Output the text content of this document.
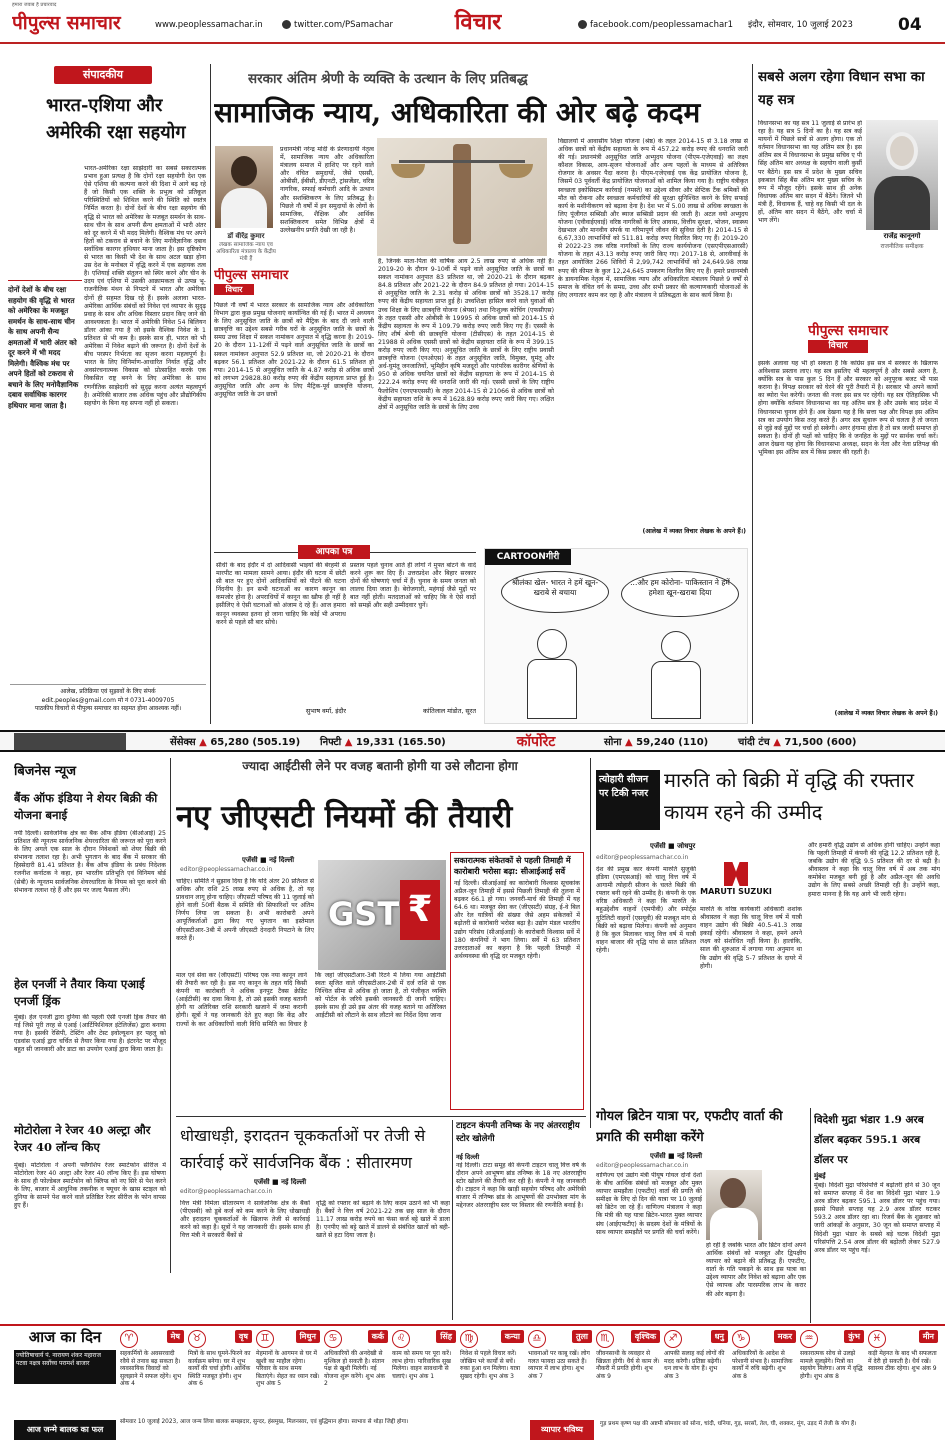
हमारा जवाब है प्रचारवाद
पीपुल्स समाचार	www.peoplessamachar.in	twitter.com/PSamachar	विचार	facebook.com/peoplessamachar1	इंदौर, सोमवार, 10 जुलाई 2023	04
संपादकीय
भारत-एशिया और अमेरिकी रक्षा सहयोग
भारत-अमेरिका रक्षा साझेदारी का सबसे सकारात्मक प्रभाव हुआ प्रत्यक्ष है कि दोनों रक्षा सहयोगी देश एक ऐसे एशिया की कल्पना करने की दिशा में आगे बढ़ रहे हैं जो किसी एक शक्ति के प्रभुत्व को प्रतिकूल परिस्थितियों को शिथिल करने की स्थिति को स्वतंत्र निर्मित करता है। दोनों देशों के बीच रक्षा सहयोग की वृद्धि से भारत को अमेरिका के मजबूत समर्थन के साथ-साथ चीन के साथ अपनी सैन्य क्षमताओं में भारी अंतर को दूर करने में भी मदद मिलेगी। वैश्विक मंच पर अपने हितों को टकराव से बचाने के लिए मनोवैज्ञानिक दबाव सर्वाधिक कारगर हथियार माना जाता है। इस दृष्टिकोण से भारत का किसी भी देश के साथ अटल खड़ा होना उस देश के मनोबल में वृद्धि करने में एक सहायक तत्व है। एशियाई शक्ति संतुलन को स्थिर करने और चीन के उदय एवं एशिया में उसकी आक्रामकता से उत्पन्न भू-राजनीतिक मंथन से निपटने में भारत और अमेरिका दोनों ही सहमत दिख रहे हैं। इसके अलावा भारत-अमेरिका आर्थिक संबंधों को निवेश एवं व्यापार के सुदृढ़ प्रवाह के साथ और अधिक विस्तार प्रदान किए जाने की आवश्यकता है। भारत में अमेरिकी निवेश 54 बिलियन डॉलर आंका गया है जो इसके वैश्विक निवेश के 1 प्रतिशत से भी कम है। इसके साथ ही, भारत को भी अमेरिका में निवेश बढ़ाने की जरूरत है। दोनों देशों के बीच परस्पर निर्भरता का सृजन करना महत्वपूर्ण है। भारत के लिए विनिर्माण-आधारित निर्यात वृद्धि और अवसंरचनात्मक विकास को प्रोत्साहित करके एक विकसित राष्ट्र बनने के लिए अमेरिका के साथ रणनीतिक साझेदारी को सुदृढ़ करना अत्यंत महत्वपूर्ण है। अमेरिकी बाजार तक अधिक पहुंच और प्रौद्योगिकीय सहयोग के बिना यह सपना नहीं हो सकता।
दोनों देशों के बीच रक्षा सहयोग की वृद्धि से भारत को अमेरिका के मजबूत समर्थन के साथ-साथ चीन के साथ अपनी सैन्य क्षमताओं में भारी अंतर को दूर करने में भी मदद मिलेगी। वैश्विक मंच पर अपने हितों को टकराव से बचाने के लिए मनोवैज्ञानिक दबाव सर्वाधिक कारगर हथियार माना जाता है।
आलेख, प्रतिक्रिया एवं सुझावों के लिए संपर्क
edit.peoples@gmail.com मो नं 0731-4009705
पाठकीय विचारों से पीपुल्स समाचार का सहमत होना आवश्यक नहीं।
सरकार अंतिम श्रेणी के व्यक्ति के उत्थान के लिए प्रतिबद्ध
सामाजिक न्याय, अधिकारिता की ओर बढ़े कदम
डॉ वीरेंद्र कुमार
लेखक सामाजिक न्याय एवं अधिकारिता मंत्रालय के केंद्रीय मंत्री हैं
प्रधानमंत्री नरेन्द्र मोदी के प्रेरणादायी नेतृत्व में, सामाजिक न्याय और अधिकारिता मंत्रालय समाज में हाशिए पर रहने वाले और वंचित समुदायों, जैसे एससी, ओबीसी, ईबीसी, डीएनटी, ट्रांसजेंडर, वरिष्ठ नागरिक, सफाई कर्मचारी आदि के उत्थान और सशक्तिकरण के लिए प्रतिबद्ध है। पिछले नौ वर्षों में इन समुदायों के लोगों के सामाजिक, शैक्षिक और आर्थिक सशक्तिकरण समेत विभिन्न क्षेत्रों में उल्लेखनीय प्रगति देखी जा रही है।
पीपुल्स समाचार
विचार
पिछले नौ वर्षों में भारत सरकार के सामाजिक न्याय और अधिकारिता विभाग द्वारा कुछ प्रमुख योजनाएं कार्यान्वित की गई हैं। भारत में अध्ययन के लिए अनुसूचित जाति के छात्रों को मैट्रिक के बाद दी जाने वाली छात्रवृत्ति का उद्देश्य सबसे गरीब घरों के अनुसूचित जाति के छात्रों के समग्र उच्च शिक्षा में सकल नामांकन अनुपात में वृद्धि करना है। 2019-20 के दौरान 11-12वीं में पढ़ने वाले अनुसूचित जाति के छात्रों का सकल नामांकन अनुपात 52.9 प्रतिशत था, जो 2020-21 के दौरान बढ़कर 56.1 प्रतिशत और 2021-22 के दौरान 61.5 प्रतिशत हो गया। 2014-15 से अनुसूचित जाति के 4.87 करोड़ से अधिक छात्रों को लगभग 29828.80 करोड़ रुपए की केंद्रीय सहायता प्राप्त हुई है। अनुसूचित जाति और अन्य के लिए मैट्रिक-पूर्व छात्रवृत्ति योजना, अनुसूचित जाति के उन छात्रों
है, जिनके माता-पिता की वार्षिक आय 2.5 लाख रुपए से अधिक नहीं है। 2019-20 के दौरान 9-10वीं में पढ़ने वाले अनुसूचित जाति के छात्रों का सकल नामांकन अनुपात 83 प्रतिशत था, जो 2020-21 के दौरान बढ़कर 84.8 प्रतिशत और 2021-22 के दौरान 84.9 प्रतिशत हो गया। 2014-15 से अनुसूचित जाति के 2.31 करोड़ से अधिक छात्रों को 3528.17 करोड़ रुपए की केंद्रीय सहायता प्राप्त हुई है। उच्चशिक्षा हासिल करने वाले युवाओं की उच्च शिक्षा के लिए छात्रवृत्ति योजना (श्रेयस) तथा निःशुल्क कोचिंग (एफसीएस) के तहत एससी और ओबीसी के 19995 से अधिक छात्रों को 2014-15 से केंद्रीय सहायता के रूप में 109.79 करोड़ रुपए जारी किए गए हैं। एससी के लिए शीर्ष श्रेणी की छात्रवृत्ति योजना (टीसीएस) के तहत 2014-15 से 21988 से अधिक एससी छात्रों को केंद्रीय सहायता राशि के रूप में 399.15 करोड़ रुपए जारी किए गए। अनुसूचित जाति के छात्रों के लिए राष्ट्रीय प्रवासी छात्रवृत्ति योजना (एनओएस) के तहत अनुसूचित जाति, विमुक्त, घुमंतू और अर्ध-घुमंतू जनजातियों, भूमिहीन कृषि मजदूरों और पारंपरिक कारीगर श्रेणियों के 950 से अधिक चयनित छात्रों को केंद्रीय सहायता के रूप में 2014-15 से 222.24 करोड़ रुपए की धनराशि जारी की गई। एससी छात्रों के लिए राष्ट्रीय फैलोशिप (एनएफएससी) के तहत 2014-15 से 21066 से अधिक छात्रों को केंद्रीय सहायता राशि के रूप में 1628.89 करोड़ रुपए जारी किए गए। लक्षित क्षेत्रों में अनुसूचित जाति के छात्रों के लिए उच्च
विद्यालयों में आवासीय शिक्षा योजना (श्रेष्ठ) के तहत 2014-15 से 3.18 लाख से अधिक छात्रों को केंद्रीय सहायता के रूप में 457.22 करोड़ रुपए की धनराशि जारी की गई। प्रधानमंत्री अनुसूचित जाति अभ्युदय योजना (पीएम-एजेएवाई) का लक्ष्य कौशल विकास, आय-सृजन योजनाओं और अन्य पहलों के माध्यम से अतिरिक्त रोजगार के अवसर पैदा करना है। पीएम-एजेएवाई एक केंद्र प्रायोजित योजना है, जिसमें 03 पूर्ववर्ती केंद्र प्रायोजित योजनाओं को शामिल किया गया है। राष्ट्रीय यंत्रीकृत स्वच्छता इकोसिस्टम कार्रवाई (नमस्ते) का उद्देश्य सीवर और सेप्टिक टैंक श्रमिकों की मौत को रोकना और स्वच्छता कर्मचारियों की सुरक्षा सुनिश्चित करने के लिए सफाई कार्य के मशीनीकरण को बढ़ावा देना है। देश भर में 5.00 लाख से अधिक स्वच्छता के लिए पूंजीगत सब्सिडी और ब्याज सब्सिडी प्रदान की जाती है। अटल वयो अभ्युदय योजना (एवीवाईएवाई) वरिष्ठ नागरिकों के लिए आवास, वित्तीय सुरक्षा, भोजन, स्वास्थ्य देखभाल और मानवीय संपर्क या गरिमापूर्ण जीवन की सुविधा देती है। 2014-15 से 6,67,330 लाभार्थियों को 511.81 करोड़ रुपए वितरित किए गए हैं। 2019-20 से 2022-23 तक वरिष्ठ नागरिकों के लिए राज्य कार्ययोजना (एसएपीएसआरसी) योजना के तहत 43.13 करोड़ रुपए जारी किए गए। 2017-18 से, आरवीवाई के तहत आयोजित 266 शिविरों में 2,99,742 लाभार्थियों को 24,649.98 लाख रुपए की कीमत के कुल 12,24,645 उपकरण वितरित किए गए हैं। हमारे प्रधानमंत्री के डायनामिक नेतृत्व में, सामाजिक न्याय और अधिकारिता मंत्रालय पिछले 9 वर्षों से समाज के वंचित वर्ग के समग्र, उच्च और सभी प्रकार की कल्याणकारी योजनाओं के लिए लगातार काम कर रहा है और मंत्रालय ने प्रतिबद्धता के साथ कार्य किया है।
(आलेख में व्यक्त विचार लेखक के अपने हैं।)
आपका पत्र
सीधी के बाद इंदौर में दो आदिवासी भाइयों की बेरहमी से मारपीट का मामला सामने आया। इंदौर की घटना में छोटी सी बात पर हुए दोनों आदिवासियों को पीटने की घटना निंदनीय है। इन सभी घटनाओं का कारण कानून का कमजोर होना है। अपराधियों में कानून का खौफ ही नहीं है इसीलिए वे ऐसी घटनाओं को अंजाम दे रहे हैं। आज हमारा कानून व्यवस्था इतना हो जाना चाहिए कि कोई भी अपराध करने से पहले सौ बार सोचे।
सुभाष वर्मा, इंदौर
प्रस्ताव पहले चुनाव आते ही लोगों ने मुफ्त बांटने के वादे करने शुरू कर दिए हैं। उत्तरप्रदेश और बिहार सरकार दोनों की घोषणाएं चर्चा में हैं। चुनाव के समय जनता को लालच दिया जाता है। बेरोजगारी, महंगाई जैसे मुद्दों पर बात नहीं होती। मतदाताओं को चाहिए कि वे ऐसे वादों को समझें और सही उम्मीदवार चुनें।
कांतिलाल मांडोत, सूरत
CARTOONगीरी
श्रीलंका खेल- भारत ने हमें खून-खराबे से बचाया
...और हम कोरोना- पाकिस्तान ने हमें हमेशा खून-खराबा दिया
सबसे अलग रहेगा विधान सभा का यह सत्र
विधानसभा का यह सत्र 11 जुलाई से प्रारंभ हो रहा है। यह सत्र 5 दिनों का है। यह सत्र कई मायनों में पिछले सत्रों से अलग होगा। एक तो वर्तमान विधानसभा का यह अंतिम सत्र है। इस अंतिम सत्र में विधानसभा के प्रमुख सचिव ए पी सिंह अंतिम बार अध्यक्ष के सहयोग वाली कुर्सी पर बैठेंगे। इस सत्र में प्रदेश के मुख्य सचिव इकबाल सिंह बैंस अंतिम बार मुख्य सचिव के रूप में मौजूद रहेंगे। इसके साथ ही अनेक विधायक अंतिम बार सदन में बैठेंगे। जितने भी मंत्री हैं, विधायक हैं, चाहे वह किसी भी दल के हों, अंतिम बार सदन में बैठेंगे, और चर्चा में भाग लेंगे।
राजेंद्र कानूनगो
राजनीतिक समीक्षक
पीपुल्स समाचार
विचार
इसके अलावा यह भी हो सकता है कि कांग्रेस इस सत्र में सरकार के खिलाफ अविश्वास प्रस्ताव लाए। यह सत्र इसलिए भी महत्वपूर्ण है और सबसे अलग है, क्योंकि सत्र के पास कुल 5 दिन हैं और सरकार को अनुपूरक बजट भी पास कराना है। विपक्ष सरकार को घेरने की पूरी तैयारी में है। सरकार भी अपने कार्यों का ब्योरा पेश करेगी। जनता की नजर इस सत्र पर रहेगी। यह सत्र ऐतिहासिक भी होगा क्योंकि वर्तमान विधानसभा का यह अंतिम सत्र है और उसके बाद प्रदेश में विधानसभा चुनाव होने हैं। अब देखना यह है कि सत्ता पक्ष और विपक्ष इस अंतिम सत्र का उपयोग किस तरह करते हैं। अगर सत्र सुचारू रूप से चलता है तो जनता से जुड़े कई मुद्दों पर चर्चा हो सकेगी। अगर हंगामा होता है तो सत्र जल्दी समाप्त हो सकता है। दोनों ही पक्षों को चाहिए कि वे जनहित के मुद्दों पर सार्थक चर्चा करें। आज देखना यह होगा कि विधानसभा अध्यक्ष, सदन के नेता और नेता प्रतिपक्ष की भूमिका इस अंतिम सत्र में किस प्रकार की रहती है।
(आलेख में व्यक्त विचार लेखक के अपने हैं।)
सेंसेक्स ▲ 65,280 (505.19)	निफ्टी ▲ 19,331 (165.50)	कॉर्पोरेट	सोना ▲ 59,240 (110)	चांदी टंच ▲ 71,500 (600)
बिजनेस न्यूज
बैंक ऑफ इंडिया ने शेयर बिक्री की योजना बनाई
नयी दिल्ली। सार्वजनिक क्षेत्र का बैंक ऑफ इंडिया (बीओआई) 25 प्रतिशत की न्यूनतम सार्वजनिक शेयरधारिता की जरूरत को पूरा करने के लिए अगले एक साल के दौरान निवेशकों को शेयर बिक्री की संभावना तलाश रहा है। अभी भुगतान के बाद बैंक में सरकार की हिस्सेदारी 81.41 प्रतिशत है। बैंक ऑफ इंडिया के प्रबंध निदेशक रजनीश कर्नाटक ने कहा, हम भारतीय प्रतिभूति एवं विनिमय बोर्ड (सेबी) के न्यूनतम सार्वजनिक शेयरधारिता के नियम को पूरा करने की संभावना तलाश रहे हैं और इस पर जल्द फैसला लेंगे।
हेल एनर्जी ने तैयार किया एआई एनर्जी ड्रिंक
मुंबई। हेल एनर्जी द्वारा दुनिया की पहली ऐसी एनर्जी ड्रिंक तैयार की गई जिसे पूरी तरह से एआई (आर्टिफिशियल इंटेलिजेंस) द्वारा बनाया गया है। इसकी रेसिपी, टेस्टिंग और टेस्ट इवोल्यूशन हर पहलू को एडवांस एआई द्वारा चर्चित से तैयार किया गया है। इंटरनेट पर मौजूद बहुत सी जानकारी और डाटा का उपयोग एआई द्वारा किया जाता है।
मोटोरोला ने रेजर 40 अल्ट्रा और रेजर 40 लॉन्च किए
मुंबई। मोटोरोला ने अपनी फ्लैगशिप रेजर स्मार्टफोन सीरीज में मोटोरोला रेजर 40 अल्ट्रा और रेजर 40 लॉन्च किए हैं। इस घोषणा के साथ ही फोल्डेबल स्मार्टफोन को क्लिप्ड को नए सिरे से पेश करने के लिए, बाजार में आधुनिक तकनीक व फ्यूचर के खास स्टाइल को दुनिया के सामने पेश करने वाले प्रतिष्ठित रेजर सीरीज के फोन वापस हुए हैं।
ज्यादा आईटीसी लेने पर वजह बतानी होगी या उसे लौटाना होगा
नए जीएसटी नियमों की तैयारी
एजेंसी ■ नई दिल्ली
editor@peoplessamachar.co.in
GST ₹
माल एवं सेवा कर (जीएसटी) परिषद एक नया कानून लाने की तैयारी कर रही है। इस नए कानून के तहत यदि किसी कंपनी या कारोबारी ने अधिक इनपुट टैक्स क्रेडिट (आईटीसी) का दावा किया है, तो उसे इसकी वजह बतानी होगी या अतिरिक्त राशि सरकारी खजाने में जमा करानी होगी। सूत्रों ने यह जानकारी देते हुए कहा कि केंद्र और राज्यों के कर अधिकारियों वाली विधि समिति का विचार है कि जहां जीएसटीआर-3बी रिटर्न में लिया गया आईटीसी स्वतः सृजित वाले जीएसटीआर-2बी में दर्ज राशि से एक निश्चित सीमा से अधिक हो जाता है, तो पंजीकृत व्यक्ति को पोर्टल के जरिये इसकी जानकारी दी जानी चाहिए। इसके साथ ही उसे इस अंतर की वजह बताने या अतिरिक्त आईटीसी को लौटाने के साथ लौटाने का निर्देश दिया जाना
चाहिए। समिति ने सुझाव दिया है कि यदि अंतर 20 प्रतिशत से अधिक और राशि 25 लाख रुपए से अधिक है, तो यह प्रावधान लागू होना चाहिए। जीएसटी परिषद की 11 जुलाई को होने वाली 50वीं बैठक में समिति की सिफारिशों पर अंतिम निर्णय लिया जा सकता है। अभी कारोबारी अपने आपूर्तिकर्ताओं द्वारा किए गए भुगतान का इस्तेमाल जीएसटीआर-3बी में अपनी जीएसटी देनदारी निपटाने के लिए करते हैं।
सकारात्मक संकेतकों से पहली तिमाही में कारोबारी भरोसा बढ़ा: सीआईआई सर्वे
नई दिल्ली। सीआईआई का कारोबारी विश्वास सूचकांक अप्रैल-जून तिमाही में इससे पिछली तिमाही की तुलना में बढ़कर 66.1 हो गया। जनवरी-मार्च की तिमाही में यह 64.6 था। मजबूत सेवा कर (जीएसटी) संग्रह, ई-वे बिल और रेल यात्रियों की संख्या जैसे अहम संकेतकों में बढ़ोतरी से कारोबारी भरोसा बढ़ा है। उद्योग मंडल भारतीय उद्योग परिसंघ (सीआईआई) के कारोबारी विश्वास सर्वे में 180 कंपनियों ने भाग लिया। सर्वे में 63 प्रतिशत उत्तरदाताओं का कहना है कि पहली तिमाही में अर्थव्यवस्था की वृद्धि दर मजबूत रहेगी।
त्योहारी सीजन पर टिकी नजर
मारुति को बिक्री में वृद्धि की रफ्तार कायम रहने की उम्मीद
एजेंसी ■ जोधपुर
editor@peoplessamachar.co.in
MARUTI SUZUKI
देश की प्रमुख कार कंपनी मारुति सुजुकी इंडिया (एमएसआई) को चालू वित्त वर्ष में आगामी त्योहारी सीजन के चलते बिक्री की रफ्तार बनी रहने की उम्मीद है। कंपनी के एक वरिष्ठ अधिकारी ने कहा कि मारुति के बहुउद्देशीय वाहनों (एमपीवी) और स्पोर्ट्स यूटिलिटी वाहनों (एसयूवी) की मजबूत मांग से बिक्री को बढ़ावा मिलेगा। कंपनी को अनुमान है कि कुल मिलाकर चालू वित्त वर्ष में यात्री वाहन बाजार की वृद्धि पांच से सात प्रतिशत रहेगी।
मारुति के वरिष्ठ कार्यकारी अधिकारी शशांक श्रीवास्तव ने कहा कि चालू वित्त वर्ष में यात्री वाहन उद्योग की बिक्री 40.5-41.3 लाख इकाई रहेगी। श्रीवास्तव ने कहा, हमने अपने लक्ष्य को संशोधित नहीं किया है। हालांकि, साल की शुरुआत में लगाया गया अनुमान था कि उद्योग की वृद्धि 5-7 प्रतिशत के दायरे में होगी।
और हमारी वृद्धि उद्योग से अधिक होनी चाहिए। उन्होंने कहा कि पहली तिमाही में कंपनी की वृद्धि 12.2 प्रतिशत रही है, जबकि उद्योग की वृद्धि 9.5 प्रतिशत की दर से बढ़ी है। श्रीवास्तव ने कहा कि चालू वित्त वर्ष में अब तक मांग कमोबेश मजबूत बनी हुई है और अप्रैल-जून की अवधि उद्योग के लिए सबसे अच्छी तिमाही रही है। उन्होंने कहा, हमारा मानना है कि यह आगे भी जारी रहेगा।
गोयल ब्रिटेन यात्रा पर, एफटीए वार्ता की प्रगति की समीक्षा करेंगे
एजेंसी ■ नई दिल्ली
editor@peoplessamachar.co.in
वाणिज्य एवं उद्योग मंत्री पीयूष गोयल दोनों देशों के बीच आर्थिक संबंधों को मजबूत और मुक्त व्यापार समझौता (एफटीए) वार्ता की प्रगति की समीक्षा के लिए दो दिन की यात्रा पर 10 जुलाई को ब्रिटेन जा रहे हैं। वाणिज्य मंत्रालय ने कहा कि मंत्री की यह यात्रा ब्रिटेन-भारत मुक्त व्यापार संघ (आईएफटीए) के सदस्य देशों के मंत्रियों के साथ व्यापार समझौते पर प्रगति की चर्चा करेंगे।
हो रही है जबकि भारत और ब्रिटेन दोनों अपने आर्थिक संबंधों को मजबूत और द्विपक्षीय व्यापार को बढ़ाने की प्रतिबद्ध हैं। एफटीए, वार्ता के गति पकड़ने के साथ इस यात्रा का उद्देश्य व्यापार और निवेश को बढ़ाना और एक ऐसे व्यापक और पारस्परिक लाभ के करार की ओर बढ़ना है।
विदेशी मुद्रा भंडार 1.9 अरब डॉलर बढ़कर 595.1 अरब डॉलर पर
मुंबई
मुंबई। विदेशी मुद्रा परिसंपत्ति में बढ़ोतरी होने से 30 जून को समाप्त सप्ताह में देश का विदेशी मुद्रा भंडार 1.9 अरब डॉलर बढ़कर 595.1 अरब डॉलर पर पहुंच गया। इससे पिछले सप्ताह यह 2.9 अरब डॉलर घटकर 593.2 अरब डॉलर रहा था। रिजर्व बैंक के शुक्रवार को जारी आंकड़ों के अनुसार, 30 जून को समाप्त सप्ताह में विदेशी मुद्रा भंडार के सबसे बड़े घटक विदेशी मुद्रा परिसंपत्ति 2.54 अरब डॉलर की बढ़ोतरी लेकर 527.9 अरब डॉलर पर पहुंच गई।
धोखाधड़ी, इरादतन चूककर्ताओं पर तेजी से कार्रवाई करें सार्वजनिक बैंक : सीतारमण
एजेंसी ■ नई दिल्ली
editor@peoplessamachar.co.in
वित्त मंत्री निर्मला सीतारमण ने सार्वजनिक क्षेत्र के बैंकों (पीएसबी) को डूबे कर्ज को कम करने के लिए धोखाधड़ी और इरादतन चूककर्ताओं के खिलाफ तेजी से कार्रवाई करने को कहा है। सूत्रों ने यह जानकारी दी। इसके साथ ही वित्त मंत्री ने सरकारी बैंकों से
वृद्धि को रफ्तार को बढ़ाने के लिए कदम उठाने को भी कहा है। बैंकों ने वित्त वर्ष 2021-22 तक छह साल के दौरान 11.17 लाख करोड़ रुपये का फंसा कर्ज बट्टे खाते में डाला है। एनपीए को बट्टे खाते में डालने से संबंधित खातों को बही-खाते से हटा दिया जाता है।
टाइटन कंपनी तनिष्क के नए अंतरराष्ट्रीय स्टोर खोलेगी
नई दिल्ली
नई दिल्ली। टाटा समूह की कंपनी टाइटन चालू वित्त वर्ष के दौरान अपने आभूषण ब्रांड तनिष्क के 18 नए अंतरराष्ट्रीय स्टोर खोलने की तैयारी कर रही है। कंपनी ने यह जानकारी दी। टाइटन ने कहा कि खाड़ी सहयोग परिषद और अमेरिकी बाजार में तनिष्क ब्रांड के आभूषणों की उपभोक्ता मांग के मद्देनजर अंतरराष्ट्रीय स्तर पर विस्तार की रणनीति बनाई है।
आज का दिन
ज्योतिषाचार्य पं. नारायण शंकर महाराज पटवा नक्षत्र सर्वोच्च परामर्श बाजार
♈	मेष
सहकर्मियों के अवसरवादी रवैये से तनाव बढ़ सकता है। व्यवसायिक विवादों को सुलझाने में सफल रहेंगे। शुभ अंक 4
♉	वृष
मित्रों के साथ घूमने-फिरने का कार्यक्रम बनेगा। घर में शुभ कार्यों की चर्चा होगी। आर्थिक स्थिति मजबूत होगी। शुभ अंक 6
♊	मिथुन
मेहमानों के आगमन से घर में खुशी का माहौल रहेगा। परिवार के साथ समय बिताएंगे। सेहत का ध्यान रखें। शुभ अंक 5
♋	कर्क
अधिकारियों की अनदेखी से मुश्किल हो सकती है। संतान पक्ष से खुशी मिलेगी। नई योजना शुरू करेंगे। शुभ अंक 2
♌	सिंह
काम को समय पर पूरा करें। लाभ होगा। पारिवारिक सुख मिलेगा। वाहन सावधानी से चलाएं। शुभ अंक 1
♍	कन्या
निवेश से पहले विचार करें। जोखिम भरे कार्यों से बचें। रुका हुआ धन मिलेगा। यात्रा सुखद रहेगी। शुभ अंक 3
♎	तुला
भावनाओं पर काबू रखें। लोग गलत फायदा उठा सकते हैं। व्यापार में लाभ होगा। शुभ अंक 7
♏	वृश्चिक
जीवनसाथी के व्यवहार से खिन्नता होगी। धैर्य से काम लें। नौकरी में प्रगति होगी। शुभ अंक 9
♐	धनु
आपकी सलाह कई लोगों की मदद करेगी। प्रतिष्ठा बढ़ेगी। धन लाभ के योग हैं। शुभ अंक 3
♑	मकर
अधिकारियों के आदेश से परेशानी संभव है। सामाजिक कार्यों में रुचि बढ़ेगी। शुभ अंक 8
♒	कुंभ
सकारात्मक सोच से उलझे मामले सुलझेंगे। मित्रों का सहयोग मिलेगा। आय में वृद्धि होगी। शुभ अंक 8
♓	मीन
कड़ी मेहनत के बाद भी सफलता में देरी हो सकती है। धैर्य रखें। स्वास्थ्य ठीक रहेगा। शुभ अंक 9
सोमवार 10 जुलाई 2023, आज जन्म लिया बालक समझदार, सुन्दर, हंसमुख, मिलनसार, एवं बुद्धिमान होगा। स्वभाव से थोड़ा जिद्दी होगा।
आज जन्मे बालक का फल	व्यापार भविष्य
गुड़ प्रथम कृष्ण पक्ष की अष्टमी सोमवार को सोना, चांदी, धनिया, गुड़, सरसों, तेल, घी, शक्कर, मूंग, उड़द में तेजी के योग हैं।
